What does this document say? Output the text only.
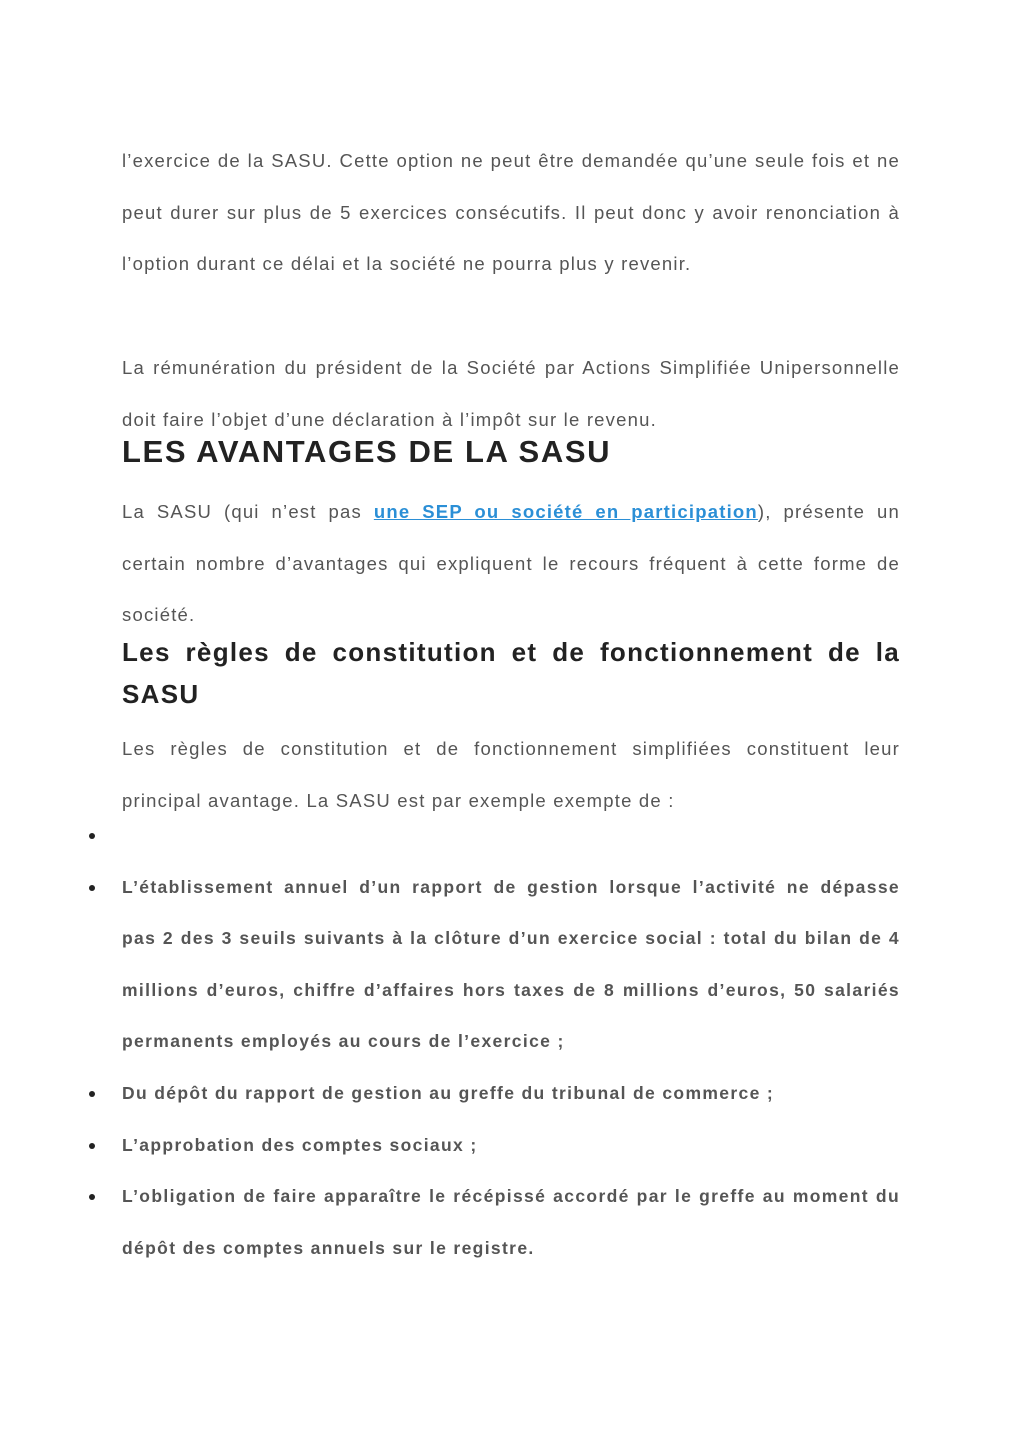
l’exercice de la SASU. Cette option ne peut être demandée qu’une seule fois et ne peut durer sur plus de 5 exercices consécutifs. Il peut donc y avoir renonciation à l’option durant ce délai et la société ne pourra plus y revenir.

La rémunération du président de la Société par Actions Simplifiée Unipersonnelle doit faire l’objet d’une déclaration à l’impôt sur le revenu.

LES AVANTAGES DE LA SASU

La SASU (qui n’est pas une SEP ou société en participation), présente un certain nombre d’avantages qui expliquent le recours fréquent à cette forme de société.

Les règles de constitution et de fonctionnement de la SASU

Les règles de constitution et de fonctionnement simplifiées constituent leur principal avantage. La SASU est par exemple exempte de :

L’établissement annuel d’un rapport de gestion lorsque l’activité ne dépasse pas 2 des 3 seuils suivants à la clôture d’un exercice social : total du bilan de 4 millions d’euros, chiffre d’affaires hors taxes de 8 millions d’euros, 50 salariés permanents employés au cours de l’exercice ;
Du dépôt du rapport de gestion au greffe du tribunal de commerce ;
L’approbation des comptes sociaux ;
L’obligation de faire apparaître le récépissé accordé par le greffe au moment du dépôt des comptes annuels sur le registre.
